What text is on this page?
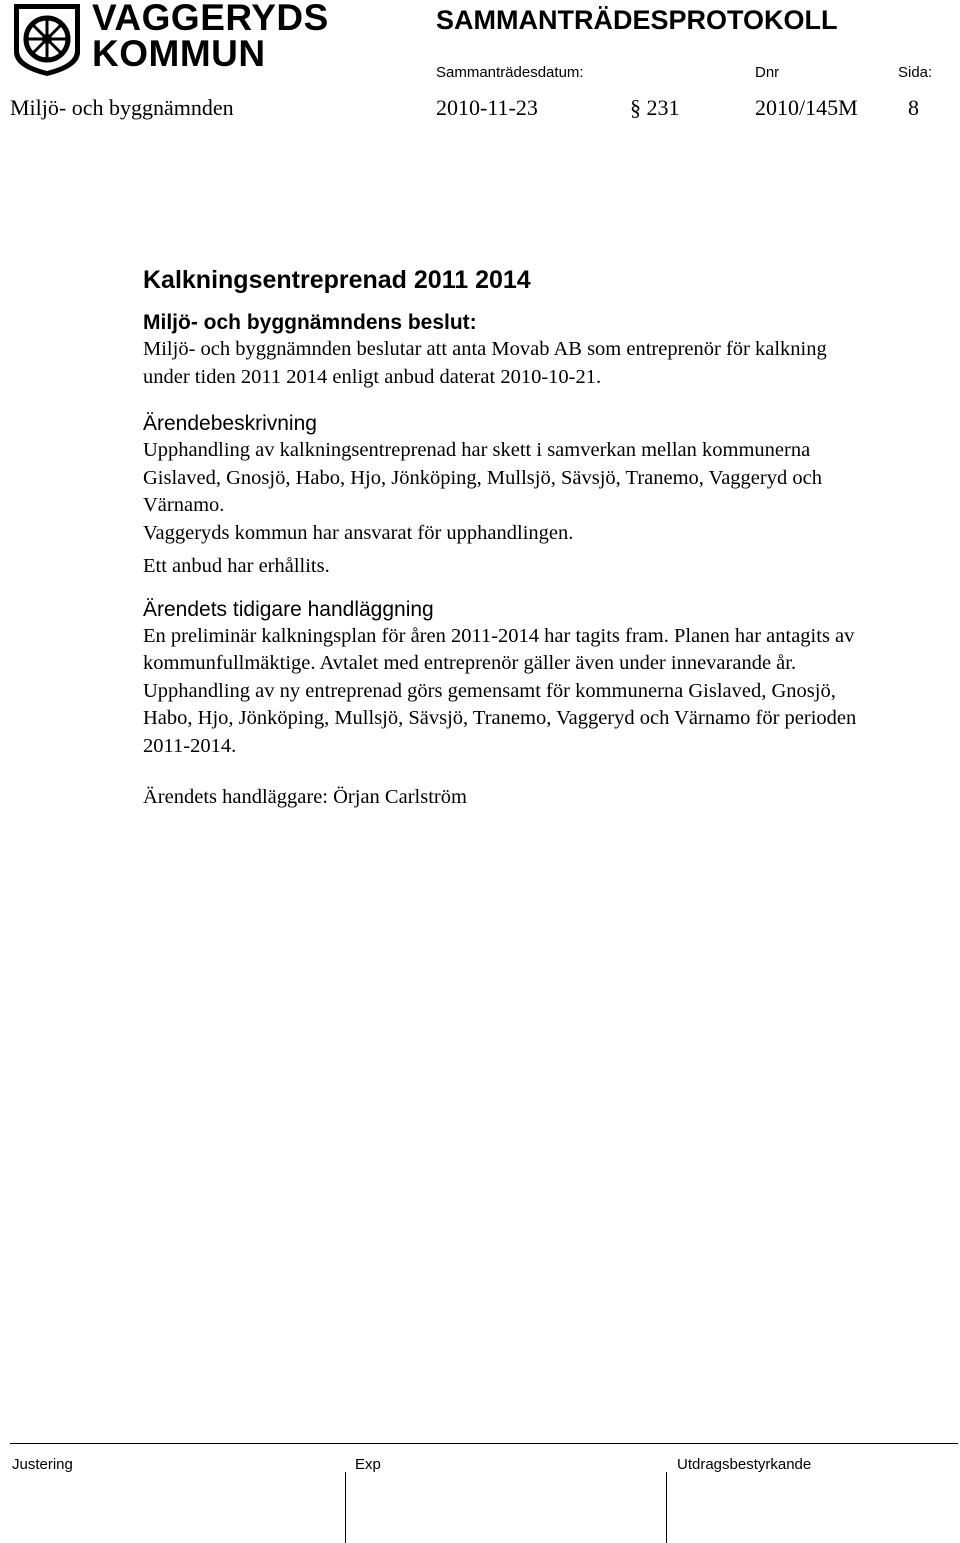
VAGGERYDS
KOMMUN
SAMMANTRÄDESPROTOKOLL
Sammanträdesdatum:	Dnr	Sida:
Miljö- och byggnämnden	2010-11-23	§ 231	2010/145M 8

Kalkningsentreprenad 2011 2014

Miljö- och byggnämndens beslut:

Miljö- och byggnämnden beslutar att anta Movab AB som entreprenör för kalkning under tiden 2011 2014 enligt anbud daterat 2010-10-21.

Ärendebeskrivning

Upphandling av kalkningsentreprenad har skett i samverkan mellan kommunerna Gislaved, Gnosjö, Habo, Hjo, Jönköping, Mullsjö, Sävsjö, Tranemo, Vaggeryd och Värnamo.

Vaggeryds kommun har ansvarat för upphandlingen.

Ett anbud har erhållits.

Ärendets tidigare handläggning

En preliminär kalkningsplan för åren 2011-2014 har tagits fram. Planen har antagits av kommunfullmäktige. Avtalet med entreprenör gäller även under innevarande år. Upphandling av ny entreprenad görs gemensamt för kommunerna Gislaved, Gnosjö, Habo, Hjo, Jönköping, Mullsjö, Sävsjö, Tranemo, Vaggeryd och Värnamo för perioden 2011-2014.

Ärendets handläggare: Örjan Carlström

Justering	Exp	Utdragsbestyrkande
